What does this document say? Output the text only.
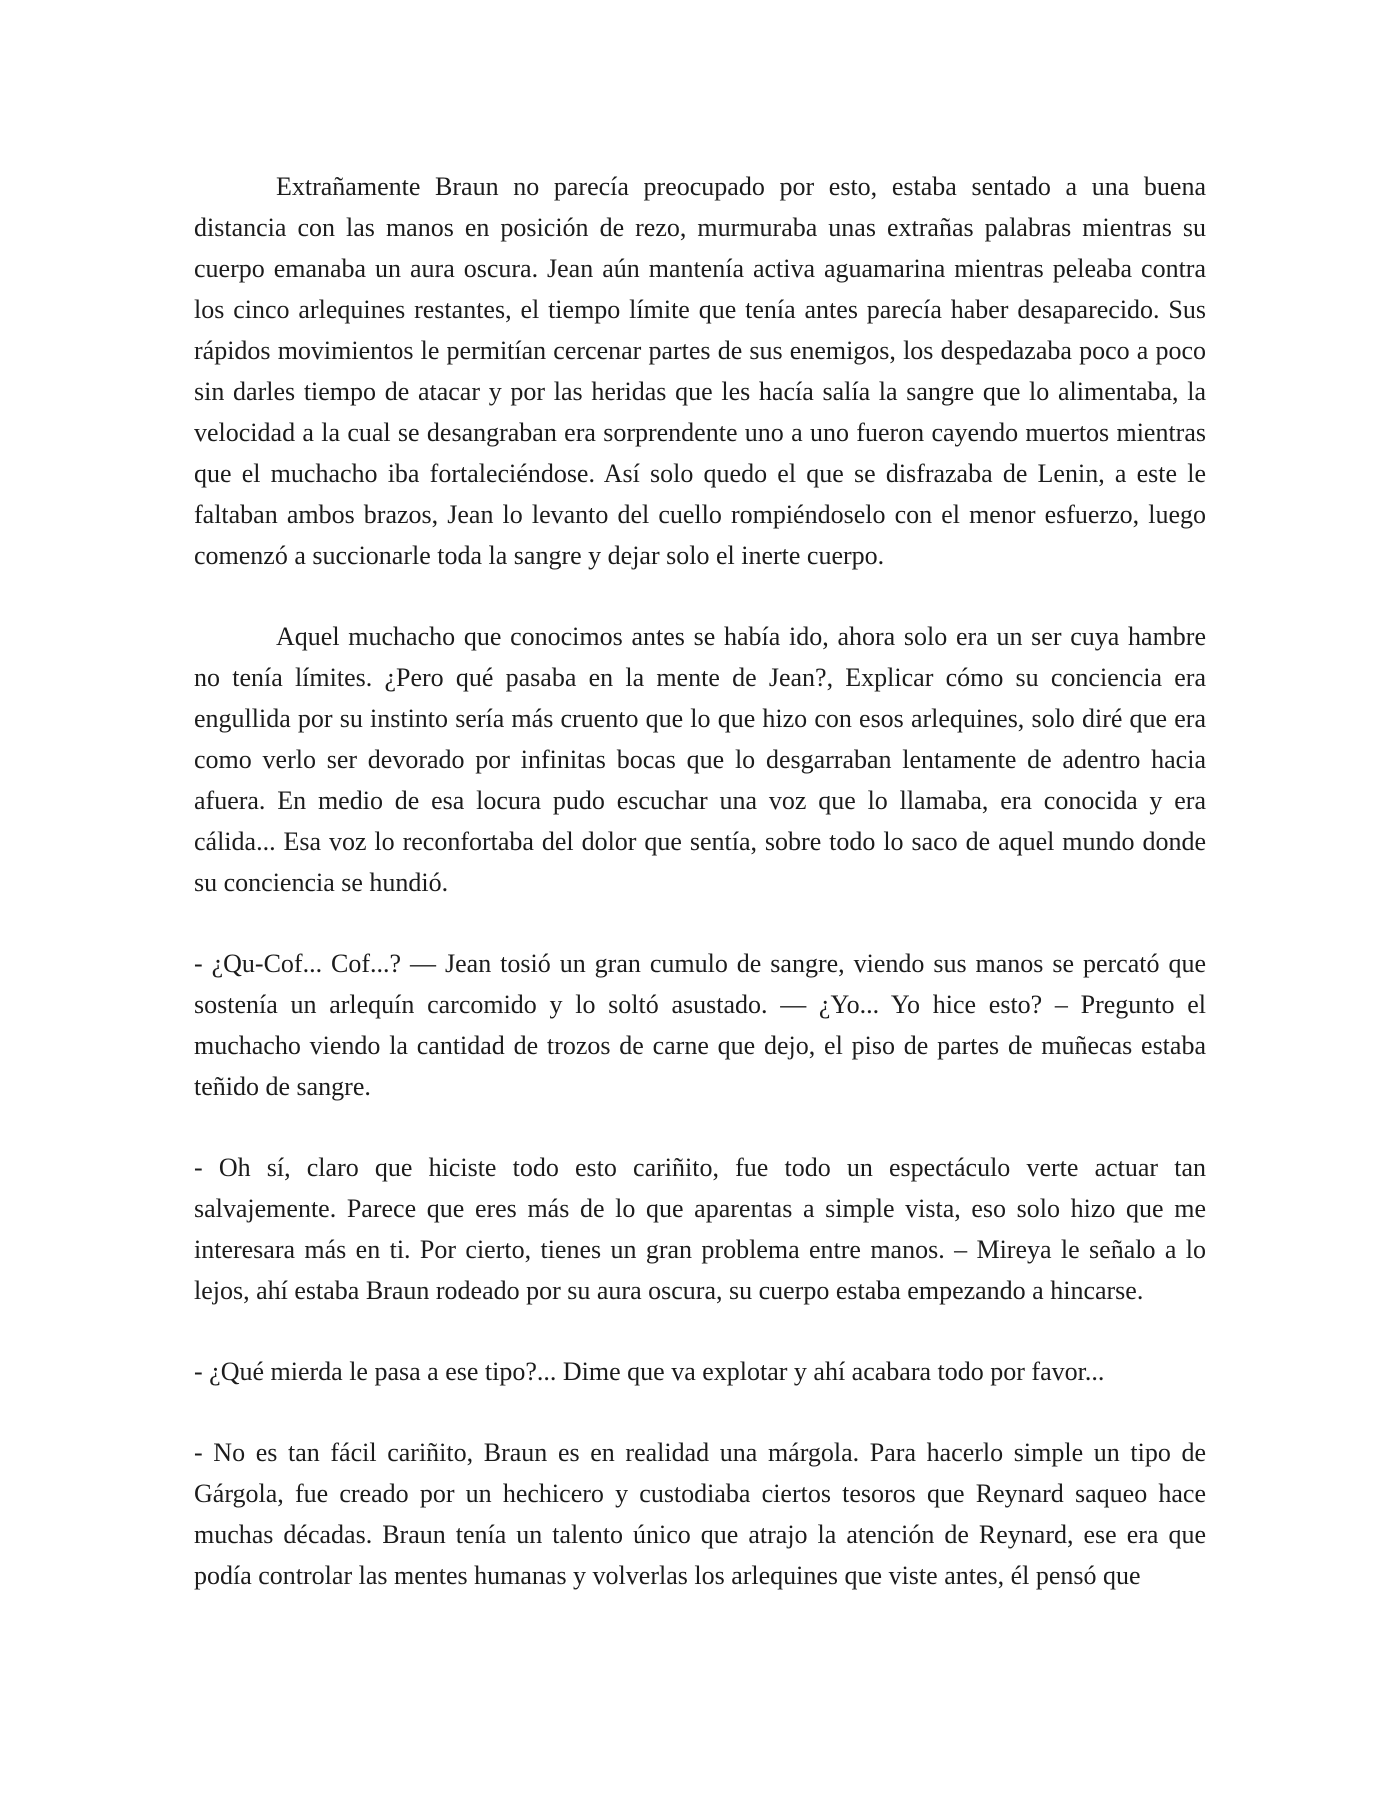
Extrañamente Braun no parecía preocupado por esto, estaba sentado a una buena distancia con las manos en posición de rezo, murmuraba unas extrañas palabras mientras su cuerpo emanaba un aura oscura. Jean aún mantenía activa aguamarina mientras peleaba contra los cinco arlequines restantes, el tiempo límite que tenía antes parecía haber desaparecido. Sus rápidos movimientos le permitían cercenar partes de sus enemigos, los despedazaba poco a poco sin darles tiempo de atacar y por las heridas que les hacía salía la sangre que lo alimentaba, la velocidad a la cual se desangraban era sorprendente uno a uno fueron cayendo muertos mientras que el muchacho iba fortaleciéndose. Así solo quedo el que se disfrazaba de Lenin, a este le faltaban ambos brazos, Jean lo levanto del cuello rompiéndoselo con el menor esfuerzo, luego comenzó a succionarle toda la sangre y dejar solo el inerte cuerpo.

Aquel muchacho que conocimos antes se había ido, ahora solo era un ser cuya hambre no tenía límites. ¿Pero qué pasaba en la mente de Jean?, Explicar cómo su conciencia era engullida por su instinto sería más cruento que lo que hizo con esos arlequines, solo diré que era como verlo ser devorado por infinitas bocas que lo desgarraban lentamente de adentro hacia afuera. En medio de esa locura pudo escuchar una voz que lo llamaba, era conocida y era cálida... Esa voz lo reconfortaba del dolor que sentía, sobre todo lo saco de aquel mundo donde su conciencia se hundió.

- ¿Qu-Cof... Cof...? — Jean tosió un gran cumulo de sangre, viendo sus manos se percató que sostenía un arlequín carcomido y lo soltó asustado. — ¿Yo... Yo hice esto? – Pregunto el muchacho viendo la cantidad de trozos de carne que dejo, el piso de partes de muñecas estaba teñido de sangre.

- Oh sí, claro que hiciste todo esto cariñito, fue todo un espectáculo verte actuar tan salvajemente. Parece que eres más de lo que aparentas a simple vista, eso solo hizo que me interesara más en ti. Por cierto, tienes un gran problema entre manos. – Mireya le señalo a lo lejos, ahí estaba Braun rodeado por su aura oscura, su cuerpo estaba empezando a hincarse.

- ¿Qué mierda le pasa a ese tipo?... Dime que va explotar y ahí acabara todo por favor...

- No es tan fácil cariñito, Braun es en realidad una márgola. Para hacerlo simple un tipo de Gárgola, fue creado por un hechicero y custodiaba ciertos tesoros que Reynard saqueo hace muchas décadas. Braun tenía un talento único que atrajo la atención de Reynard, ese era que podía controlar las mentes humanas y volverlas los arlequines que viste antes, él pensó que
